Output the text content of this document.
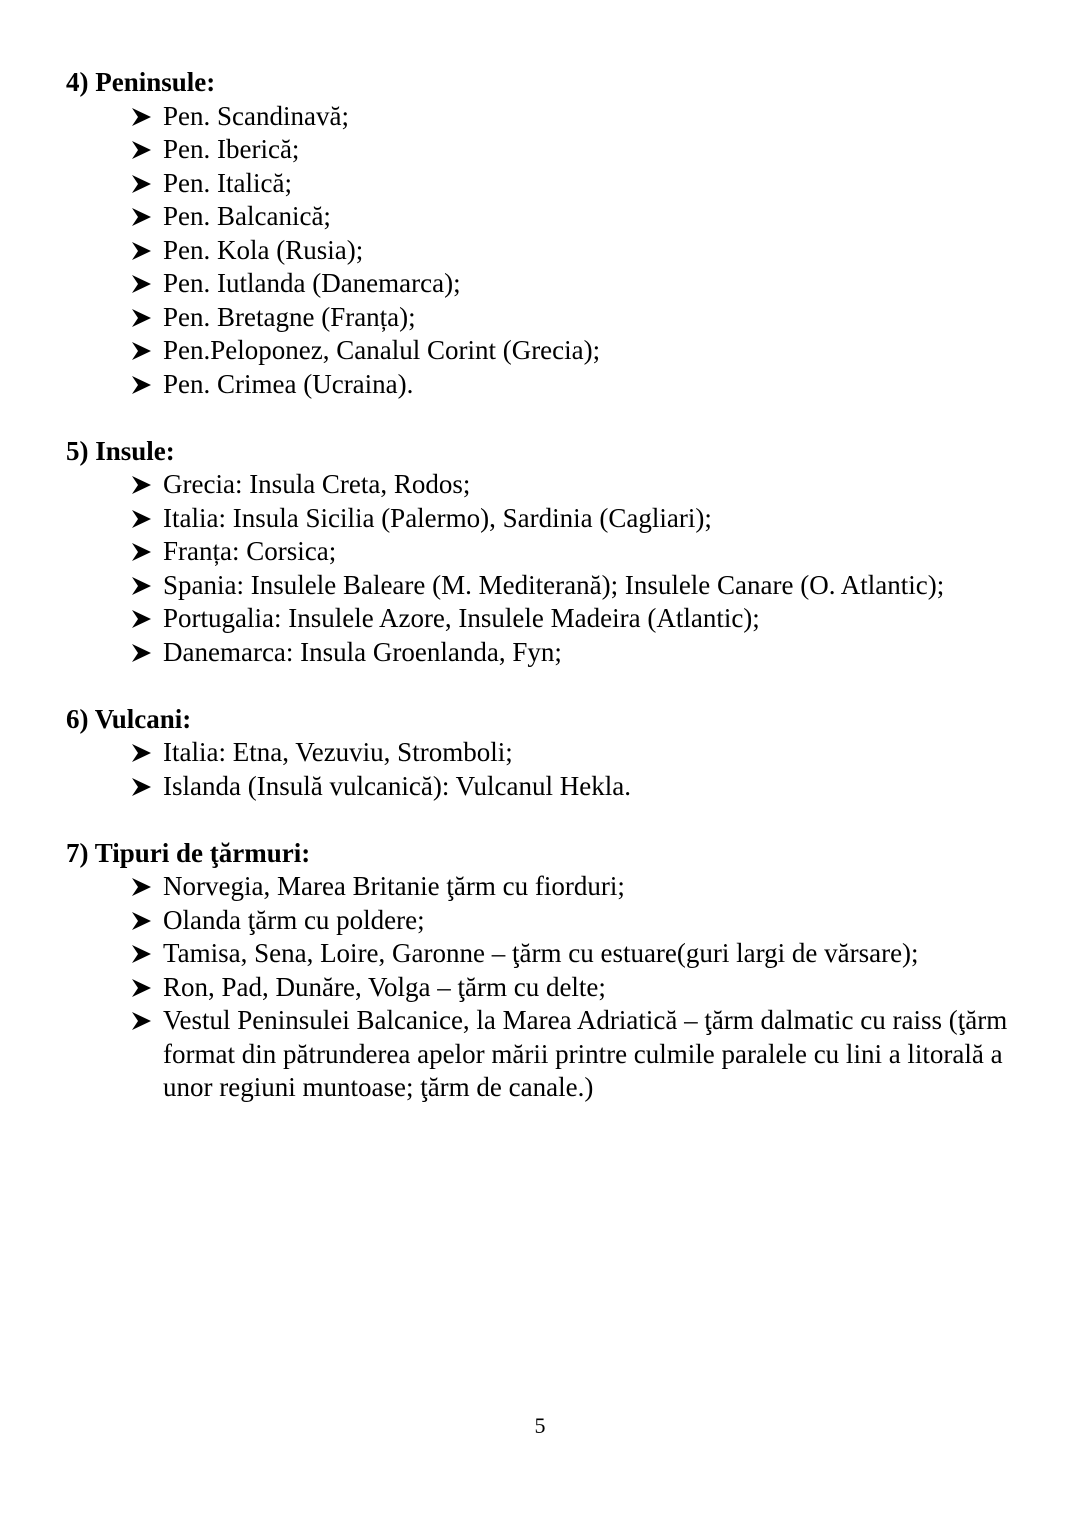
4) Peninsule:
Pen. Scandinavă;
Pen. Iberică;
Pen. Italică;
Pen. Balcanică;
Pen. Kola (Rusia);
Pen. Iutlanda (Danemarca);
Pen. Bretagne (Franța);
Pen.Peloponez, Canalul Corint (Grecia);
Pen. Crimea (Ucraina).
5) Insule:
Grecia: Insula Creta, Rodos;
Italia: Insula Sicilia (Palermo), Sardinia (Cagliari);
Franța: Corsica;
Spania: Insulele Baleare (M. Mediterană); Insulele Canare (O. Atlantic);
Portugalia: Insulele Azore, Insulele Madeira (Atlantic);
Danemarca: Insula Groenlanda, Fyn;
6) Vulcani:
Italia: Etna, Vezuviu, Stromboli;
Islanda (Insulă vulcanică): Vulcanul Hekla.
7) Tipuri de ţărmuri:
Norvegia, Marea Britanie ţărm cu fiorduri;
Olanda ţărm cu poldere;
Tamisa, Sena, Loire, Garonne – ţărm cu estuare(guri largi de vărsare);
Ron, Pad, Dunăre, Volga – ţărm cu delte;
Vestul Peninsulei Balcanice, la Marea Adriatică – ţărm dalmatic cu raiss (ţărm format din pătrunderea apelor mării printre culmile paralele cu lini a litorală a unor regiuni muntoase; ţărm de canale.)
5
